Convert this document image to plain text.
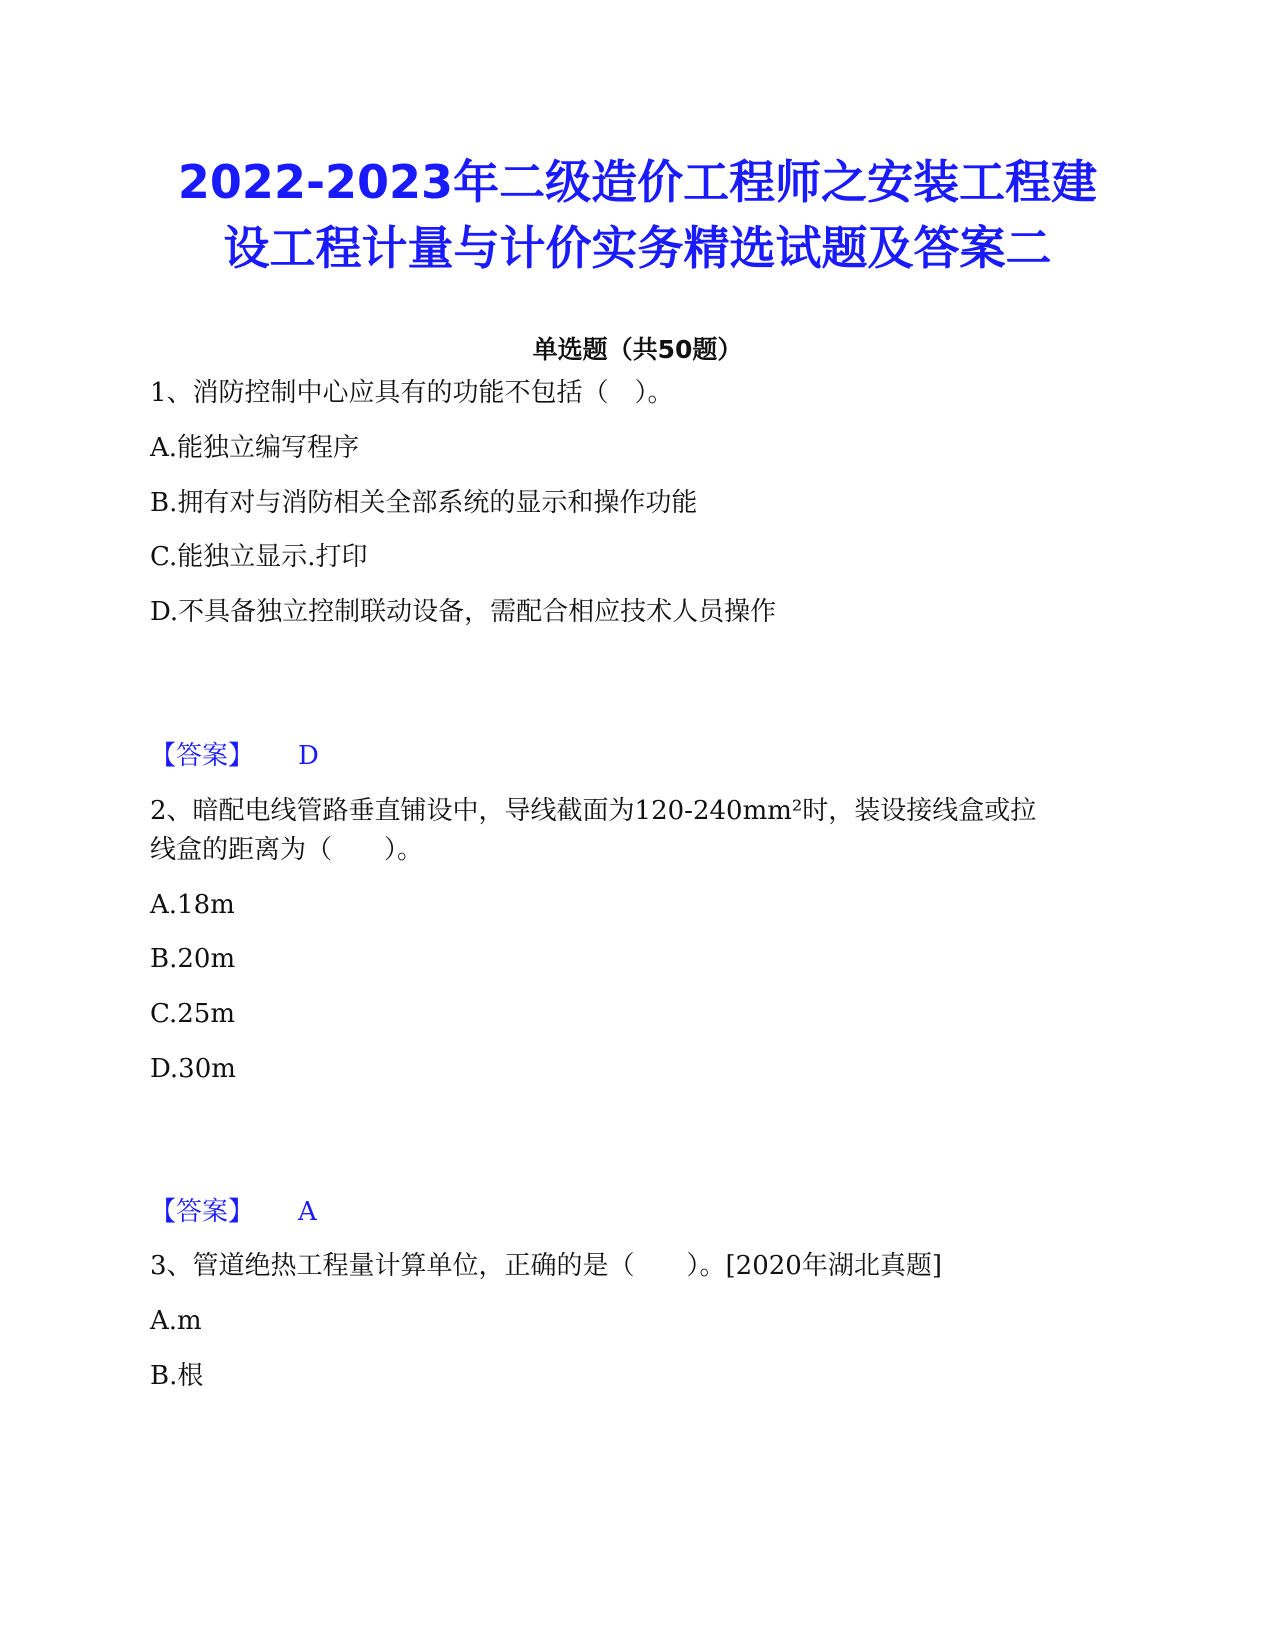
2022-2023年二级造价工程师之安装工程建
设工程计量与计价实务精选试题及答案二
单选题（共50题）
1、消防控制中心应具有的功能不包括（　）。
A.能独立编写程序
B.拥有对与消防相关全部系统的显示和操作功能
C.能独立显示.打印
D.不具备独立控制联动设备，需配合相应技术人员操作
【答案】 D
2、暗配电线管路垂直铺设中，导线截面为120-240mm²时，装设接线盒或拉
线盒的距离为（　　）。
A.18m
B.20m
C.25m
D.30m
【答案】 A
3、管道绝热工程量计算单位，正确的是（　　）。[2020年湖北真题]
A.m
B.根
